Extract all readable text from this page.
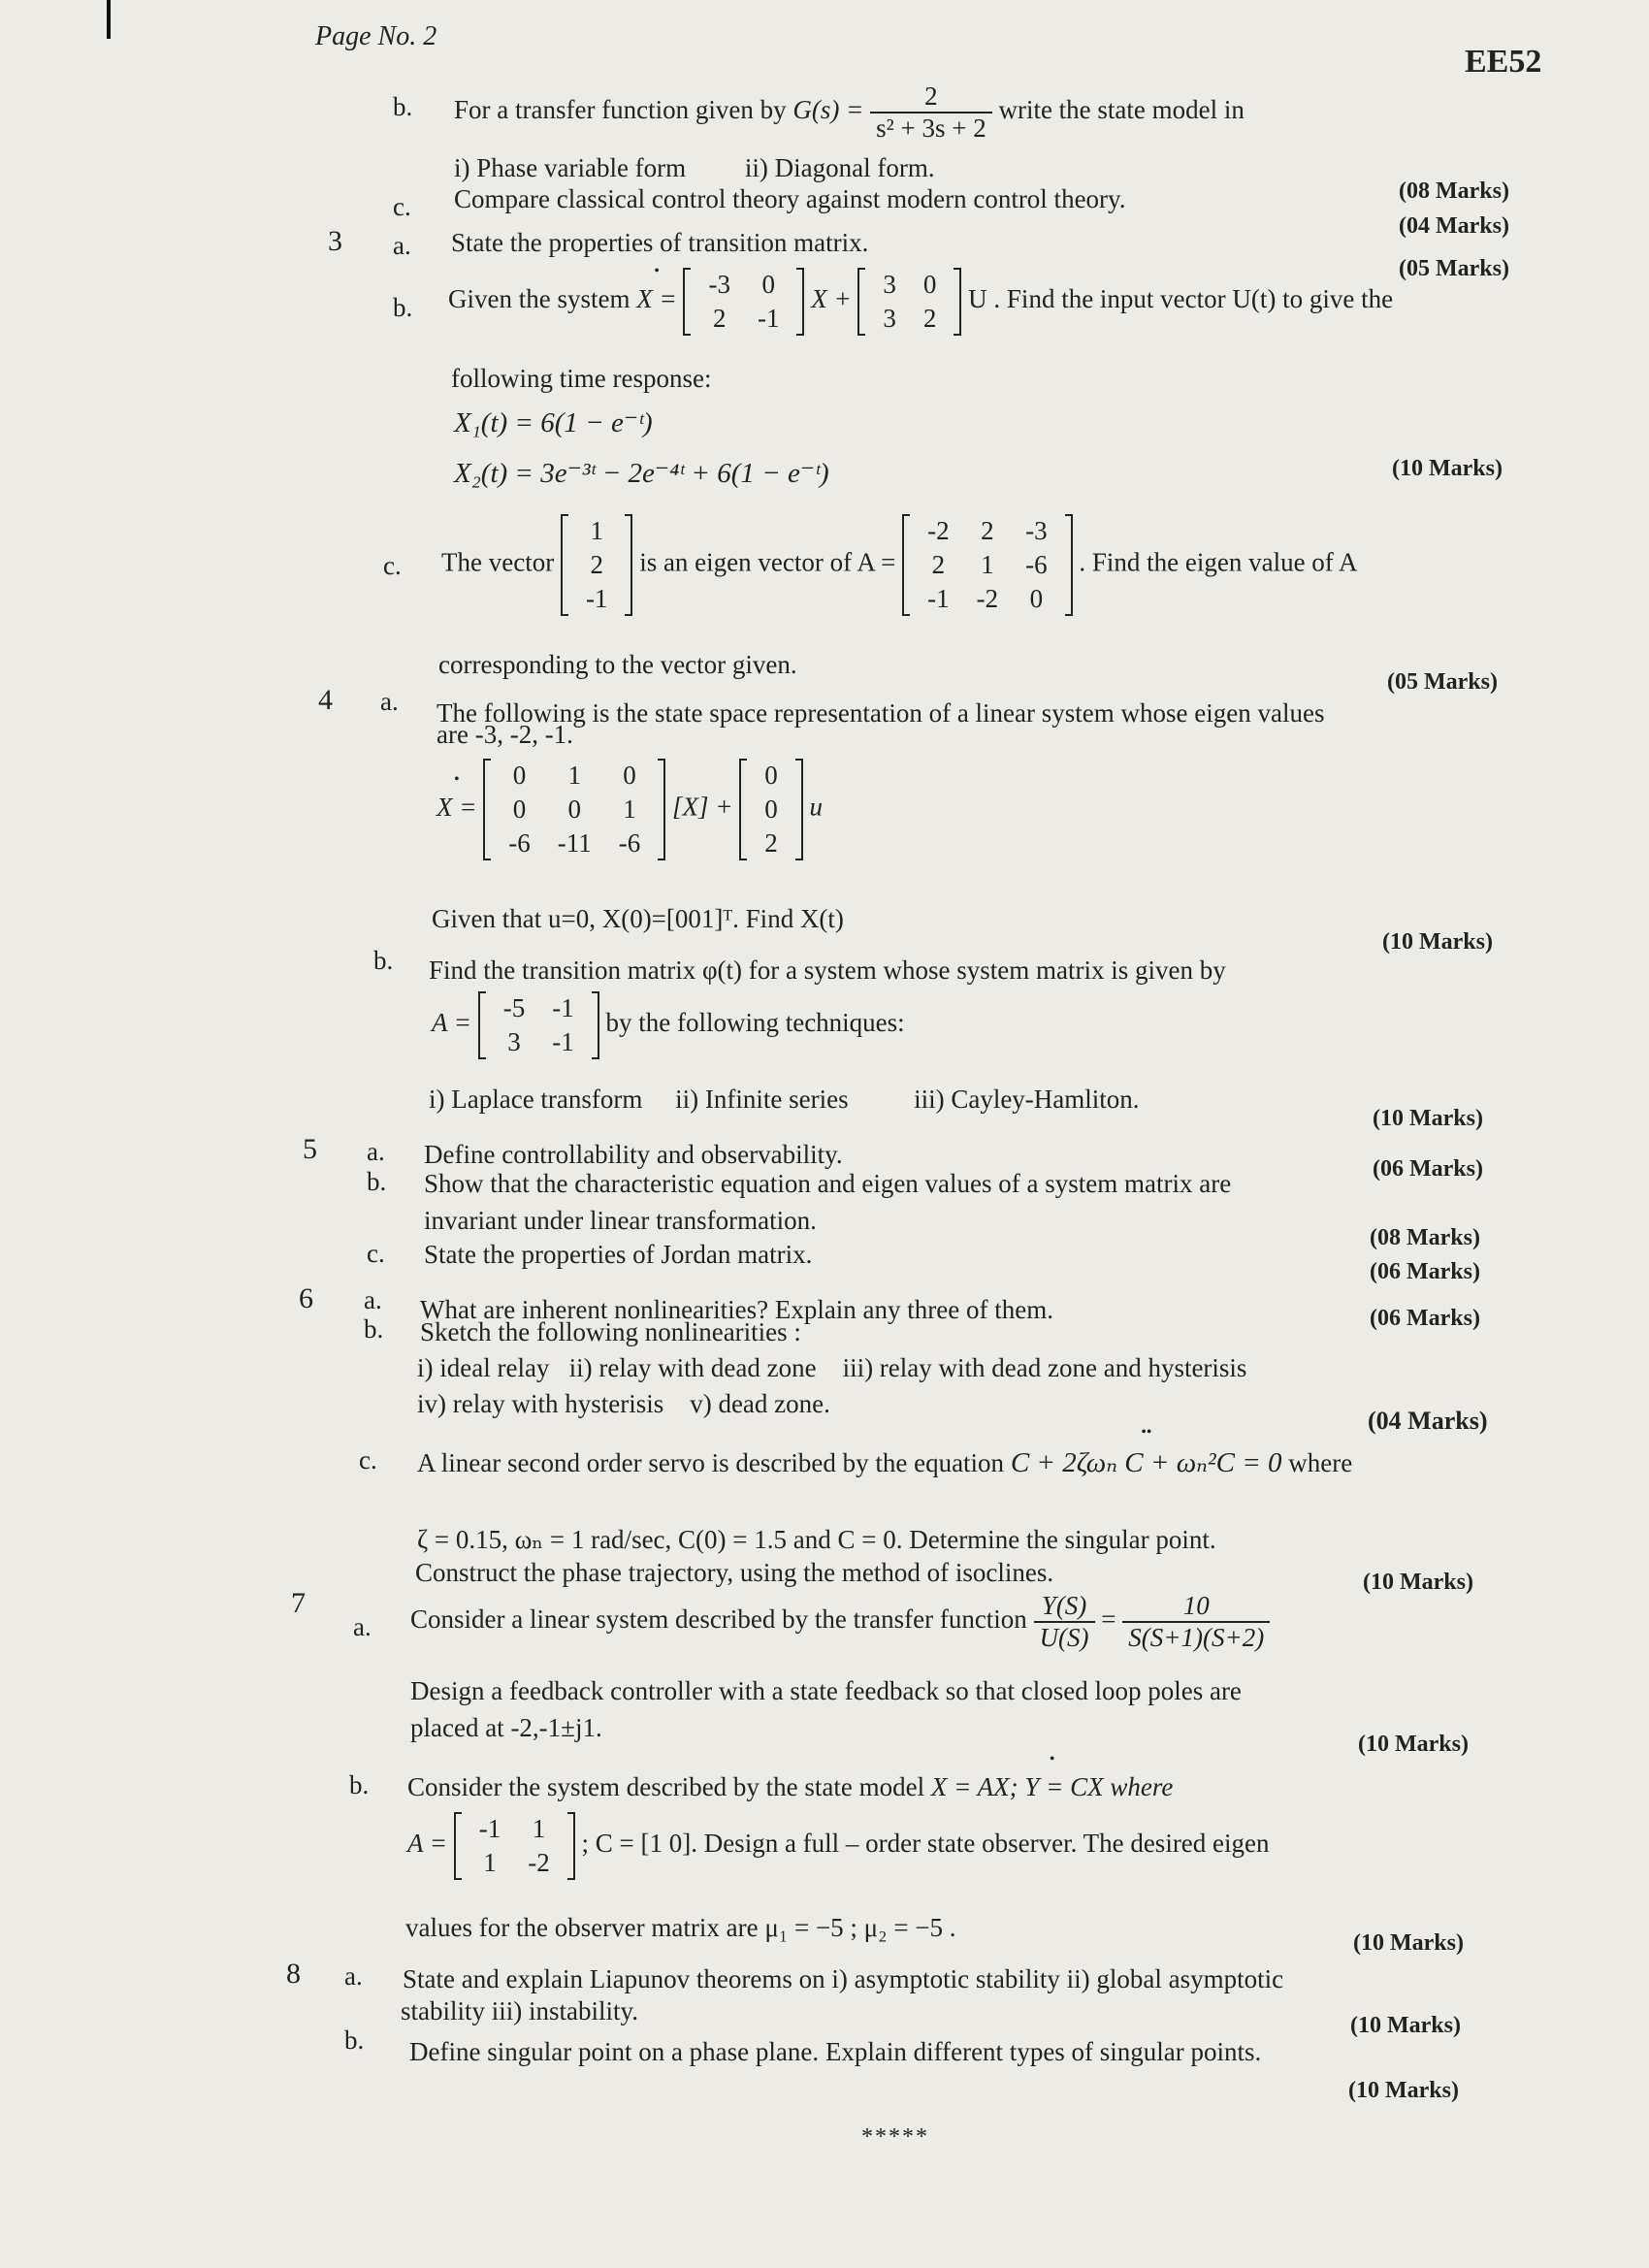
Page No. 2
EE52
b. For a transfer function given by $G(s) = \frac{2}{\text{s² + 3s + 2}}$ write the state model in
i) Phase variable form         ii) Diagonal form.
(08 Marks)
c. Compare classical control theory against modern control theory.
(04 Marks)
3 a. State the properties of transition matrix.
(05 Marks)
b. Given the system • X =
-3	0
2	-1
X +
3	0
3	2
U . Find the input vector U(t) to give the
following time response:
X₁(t) = 6(1 − e⁻ᵗ)
X₂(t) = 3e⁻³ᵗ − 2e⁻⁴ᵗ + 6(1 − e⁻ᵗ)	(10 Marks)
c. The vector
1
2
-1
is an eigen vector of A =
-2	2	-3
2	1	-6
-1	-2	0
. Find the eigen value of A
corresponding to the vector given.
(05 Marks)
4 a. The following is the state space representation of a linear system whose eigen values
are -3, -2, -1.
• X =
0	1	0
0	0	1
-6	-11	-6
[X] +
0
0
2
u
Given that u=0, X(0)=[001]ᵀ. Find X(t)
(10 Marks)
b. Find the transition matrix φ(t) for a system whose system matrix is given by
A =
-5	-1
3	-1
by the following techniques:
i) Laplace transform     ii) Infinite series          iii) Cayley-Hamliton.
(10 Marks)
5 a. Define controllability and observability.	(06 Marks)
b. Show that the characteristic equation and eigen values of a system matrix are
invariant under linear transformation.
(08 Marks)
c. State the properties of Jordan matrix.
(06 Marks)
6 a. What are inherent nonlinearities? Explain any three of them.	(06 Marks)
b. Sketch the following nonlinearities :
i) ideal relay   ii) relay with dead zone    iii) relay with dead zone and hysterisis
iv) relay with hysterisis    v) dead zone.
(04 Marks)
c. A linear second order servo is described by the equation •• C + 2ζωₙ C + ωₙ²C = 0 where
ζ = 0.15, ωₙ = 1 rad/sec, C(0) = 1.5 and C = 0. Determine the singular point.
Construct the phase trajectory, using the method of isoclines.	(10 Marks)
7
a. Consider a linear system described by the transfer function $\frac{Y(S)}{U(S)} = \frac{10}{S(S+1)(S+2)}$
Design a feedback controller with a state feedback so that closed loop poles are
placed at -2,-1±j1.
(10 Marks)
b. Consider the system described by the state model • X = AX; Y = CX where
A =
-1	1
1	-2
; C = [1 0]. Design a full – order state observer. The desired eigen
values for the observer matrix are μ₁ = −5 ; μ₂ = −5 .
(10 Marks)
8 a. State and explain Liapunov theorems on i) asymptotic stability ii) global asymptotic
stability iii) instability.	(10 Marks)
b. Define singular point on a phase plane. Explain different types of singular points.
(10 Marks)
*****
